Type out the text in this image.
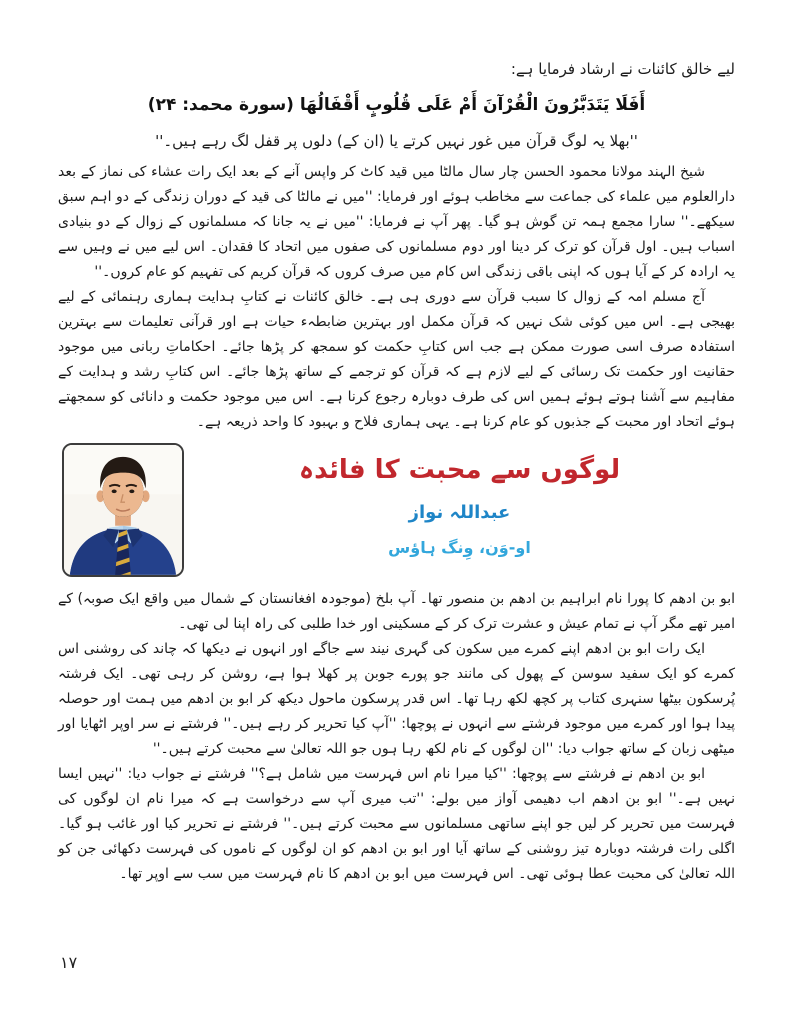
لیے خالق کائنات نے ارشاد فرمایا ہے:
أَفَلَا يَتَدَبَّرُونَ الْقُرْآنَ أَمْ عَلَى قُلُوبٍ أَقْفَالُهَا (سورة محمد: ۲۴)
''بھلا یہ لوگ قرآن میں غور نہیں کرتے یا (ان کے) دلوں پر قفل لگ رہے ہیں۔''

شیخ الہند مولانا محمود الحسن چار سال مالٹا میں قید کاٹ کر واپس آنے کے بعد ایک رات عشاء کی نماز کے بعد دارالعلوم میں علماء کی جماعت سے مخاطب ہوئے اور فرمایا: ''میں نے مالٹا کی قید کے دوران زندگی کے دو اہم سبق سیکھے۔'' سارا مجمع ہمہ تن گوش ہو گیا۔ پھر آپ نے فرمایا: ''میں نے یہ جانا کہ مسلمانوں کے زوال کے دو بنیادی اسباب ہیں۔ اول قرآن کو ترک کر دینا اور دوم مسلمانوں کی صفوں میں اتحاد کا فقدان۔ اس لیے میں نے وہیں سے یہ ارادہ کر کے آیا ہوں کہ اپنی باقی زندگی اس کام میں صرف کروں کہ قرآن کریم کی تفہیم کو عام کروں۔''

آج مسلم امہ کے زوال کا سبب قرآن سے دوری ہی ہے۔ خالق کائنات نے کتابِ ہدایت ہماری رہنمائی کے لیے بھیجی ہے۔ اس میں کوئی شک نہیں کہ قرآن مکمل اور بہترین ضابطہء حیات ہے اور قرآنی تعلیمات سے بہترین استفادہ صرف اسی صورت ممکن ہے جب اس کتابِ حکمت کو سمجھ کر پڑھا جائے۔ احکاماتِ ربانی میں موجود حقانیت اور حکمت تک رسائی کے لیے لازم ہے کہ قرآن کو ترجمے کے ساتھ پڑھا جائے۔ اس کتابِ رشد و ہدایت کے مفاہیم سے آشنا ہوتے ہوئے ہمیں اس کی طرف دوبارہ رجوع کرنا ہے۔ اس میں موجود حکمت و دانائی کو سمجھتے ہوئے اتحاد اور محبت کے جذبوں کو عام کرنا ہے۔ یہی ہماری فلاح و بہبود کا واحد ذریعہ ہے۔

لوگوں سے محبت کا فائدہ
عبداللہ نواز
او-وَن، وِنگ ہاؤس

ابو بن ادھم کا پورا نام ابراہیم بن ادھم بن منصور تھا۔ آپ بلخ (موجودہ افغانستان کے شمال میں واقع ایک صوبہ) کے امیر تھے مگر آپ نے تمام عیش و عشرت ترک کر کے مسکینی اور خدا طلبی کی راہ اپنا لی تھی۔

ایک رات ابو بن ادھم اپنے کمرے میں سکون کی گہری نیند سے جاگے اور انہوں نے دیکھا کہ چاند کی روشنی اس کمرے کو ایک سفید سوسن کے پھول کی مانند جو پورے جوبن پر کھلا ہوا ہے، روشن کر رہی تھی۔ ایک فرشتہ پُرسکون بیٹھا سنہری کتاب پر کچھ لکھ رہا تھا۔ اس قدر پرسکون ماحول دیکھ کر ابو بن ادھم میں ہمت اور حوصلہ پیدا ہوا اور کمرے میں موجود فرشتے سے انہوں نے پوچھا: ''آپ کیا تحریر کر رہے ہیں۔'' فرشتے نے سر اوپر اٹھایا اور میٹھی زبان کے ساتھ جواب دیا: ''ان لوگوں کے نام لکھ رہا ہوں جو اللہ تعالیٰ سے محبت کرتے ہیں۔''

ابو بن ادھم نے فرشتے سے پوچھا: ''کیا میرا نام اس فہرست میں شامل ہے؟'' فرشتے نے جواب دیا: ''نہیں ایسا نہیں ہے۔'' ابو بن ادھم اب دھیمی آواز میں بولے: ''تب میری آپ سے درخواست ہے کہ میرا نام ان لوگوں کی فہرست میں تحریر کر لیں جو اپنے ساتھی مسلمانوں سے محبت کرتے ہیں۔'' فرشتے نے تحریر کیا اور غائب ہو گیا۔ اگلی رات فرشتہ دوبارہ تیز روشنی کے ساتھ آیا اور ابو بن ادھم کو ان لوگوں کے ناموں کی فہرست دکھائی جن کو اللہ تعالیٰ کی محبت عطا ہوئی تھی۔ اس فہرست میں ابو بن ادھم کا نام فہرست میں سب سے اوپر تھا۔

۱۷
